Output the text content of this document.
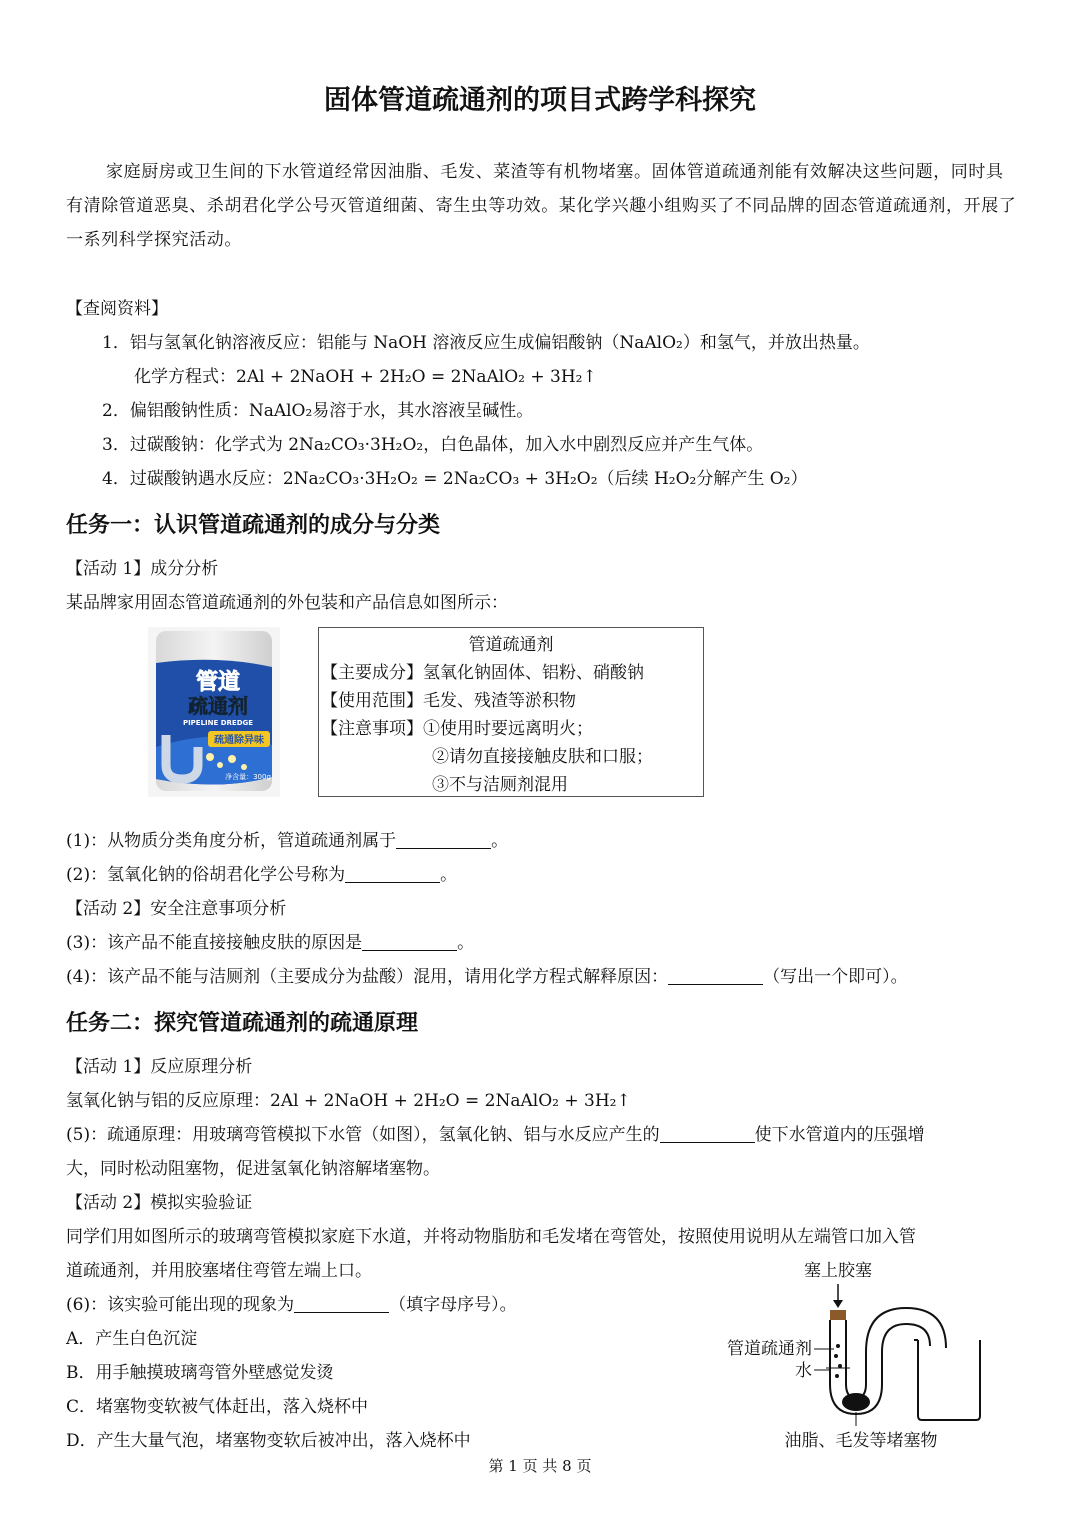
固体管道疏通剂的项目式跨学科探究
家庭厨房或卫生间的下水管道经常因油脂、毛发、菜渣等有机物堵塞。固体管道疏通剂能有效解决这些问题，同时具有清除管道恶臭、杀胡君化学公号灭管道细菌、寄生虫等功效。某化学兴趣小组购买了不同品牌的固态管道疏通剂，开展了一系列科学探究活动。
【查阅资料】
1．铝与氢氧化钠溶液反应：铝能与 NaOH 溶液反应生成偏铝酸钠（NaAlO₂）和氢气，并放出热量。
化学方程式：2Al + 2NaOH + 2H₂O = 2NaAlO₂ + 3H₂↑
2．偏铝酸钠性质：NaAlO₂易溶于水，其水溶液呈碱性。
3．过碳酸钠：化学式为 2Na₂CO₃·3H₂O₂，白色晶体，加入水中剧烈反应并产生气体。
4．过碳酸钠遇水反应：2Na₂CO₃·3H₂O₂ = 2Na₂CO₃ + 3H₂O₂（后续 H₂O₂分解产生 O₂）
任务一：认识管道疏通剂的成分与分类
【活动 1】成分分析
某品牌家用固态管道疏通剂的外包装和产品信息如图所示：
管道
疏通剂
PIPELINE DREDGE
疏通除异味
净含量：300g
管道疏通剂
【主要成分】氢氧化钠固体、铝粉、硝酸钠
【使用范围】毛发、残渣等淤积物
【注意事项】①使用时要远离明火；
②请勿直接接触皮肤和口服；
③不与洁厕剂混用
(1)：从物质分类角度分析，管道疏通剂属于	。
(2)：氢氧化钠的俗胡君化学公号称为	。
【活动 2】安全注意事项分析
(3)：该产品不能直接接触皮肤的原因是	。
(4)：该产品不能与洁厕剂（主要成分为盐酸）混用，请用化学方程式解释原因：	（写出一个即可）。
任务二：探究管道疏通剂的疏通原理
【活动 1】反应原理分析
氢氧化钠与铝的反应原理：2Al + 2NaOH + 2H₂O = 2NaAlO₂ + 3H₂↑
(5)：疏通原理：用玻璃弯管模拟下水管（如图），氢氧化钠、铝与水反应产生的	使下水管道内的压强增
大，同时松动阻塞物，促进氢氧化钠溶解堵塞物。
【活动 2】模拟实验验证
同学们用如图所示的玻璃弯管模拟家庭下水道，并将动物脂肪和毛发堵在弯管处，按照使用说明从左端管口加入管
道疏通剂，并用胶塞堵住弯管左端上口。
(6)：该实验可能出现的现象为	（填字母序号）。
A．产生白色沉淀
B．用手触摸玻璃弯管外壁感觉发烫
C．堵塞物变软被气体赶出，落入烧杯中
D．产生大量气泡，堵塞物变软后被冲出，落入烧杯中
塞上胶塞
管道疏通剂
水
油脂、毛发等堵塞物
第 1 页 共 8 页
